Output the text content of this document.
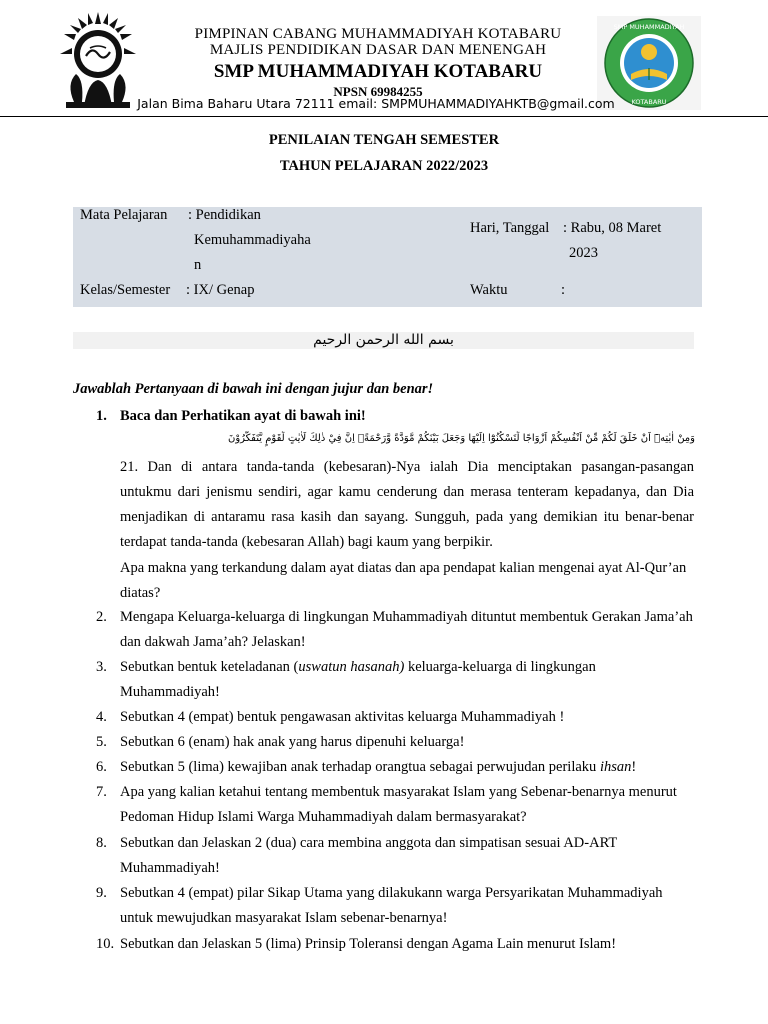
SMP MUHAMMADIYAH
KOTABARU
PIMPINAN CABANG MUHAMMADIYAH KOTABARU
MAJLIS PENDIDIKAN DASAR DAN MENENGAH
SMP MUHAMMADIYAH KOTABARU
NPSN 69984255
Jalan Bima Baharu Utara 72111 email: SMPMUHAMMADIYAHKTB@gmail.com
PENILAIAN TENGAH SEMESTER
TAHUN PELAJARAN 2022/2023
Mata Pelajaran : Pendidikan
Kemuhammadiyaha
n
Kelas/Semester : IX/ Genap
Hari, Tanggal : Rabu, 08 Maret
2023
Waktu	:
بسم الله الرحمن الرحيم
Jawablah Pertanyaan di bawah ini dengan jujur dan benar!
1. Baca dan Perhatikan ayat di bawah ini!
وَمِنْ اٰيٰتِهٖٓ اَنْ خَلَقَ لَكُمْ مِّنْ اَنْفُسِكُمْ اَزْوَاجًا لِّتَسْكُنُوْٓا اِلَيْهَا وَجَعَلَ بَيْنَكُمْ مَّوَدَّةً وَّرَحْمَةًۗ اِنَّ فِيْ ذٰلِكَ لَاٰيٰتٍ لِّقَوْمٍ يَّتَفَكَّرُوْنَ
21. Dan di antara tanda-tanda (kebesaran)-Nya ialah Dia menciptakan pasangan-pasangan untukmu dari jenismu sendiri, agar kamu cenderung dan merasa tenteram kepadanya, dan Dia menjadikan di antaramu rasa kasih dan sayang. Sungguh, pada yang demikian itu benar-benar terdapat tanda-tanda (kebesaran Allah) bagi kaum yang berpikir.
Apa makna yang terkandung dalam ayat diatas dan apa pendapat kalian mengenai ayat Al-Qur’an diatas?
2. Mengapa Keluarga-keluarga di lingkungan Muhammadiyah dituntut membentuk Gerakan Jama’ah dan dakwah Jama’ah? Jelaskan!
3. Sebutkan bentuk keteladanan (uswatun hasanah) keluarga-keluarga di lingkungan Muhammadiyah!
4. Sebutkan 4 (empat) bentuk pengawasan aktivitas keluarga Muhammadiyah !
5. Sebutkan 6 (enam) hak anak yang harus dipenuhi keluarga!
6. Sebutkan 5 (lima) kewajiban anak terhadap orangtua sebagai perwujudan perilaku ihsan!
7. Apa yang kalian ketahui tentang membentuk masyarakat Islam yang Sebenar-benarnya menurut Pedoman Hidup Islami Warga Muhammadiyah dalam bermasyarakat?
8. Sebutkan dan Jelaskan 2 (dua) cara membina anggota dan simpatisan sesuai AD-ART Muhammadiyah!
9. Sebutkan 4 (empat) pilar Sikap Utama yang dilakukann warga Persyarikatan Muhammadiyah untuk mewujudkan masyarakat Islam sebenar-benarnya!
10. Sebutkan dan Jelaskan 5 (lima) Prinsip Toleransi dengan Agama Lain menurut Islam!
